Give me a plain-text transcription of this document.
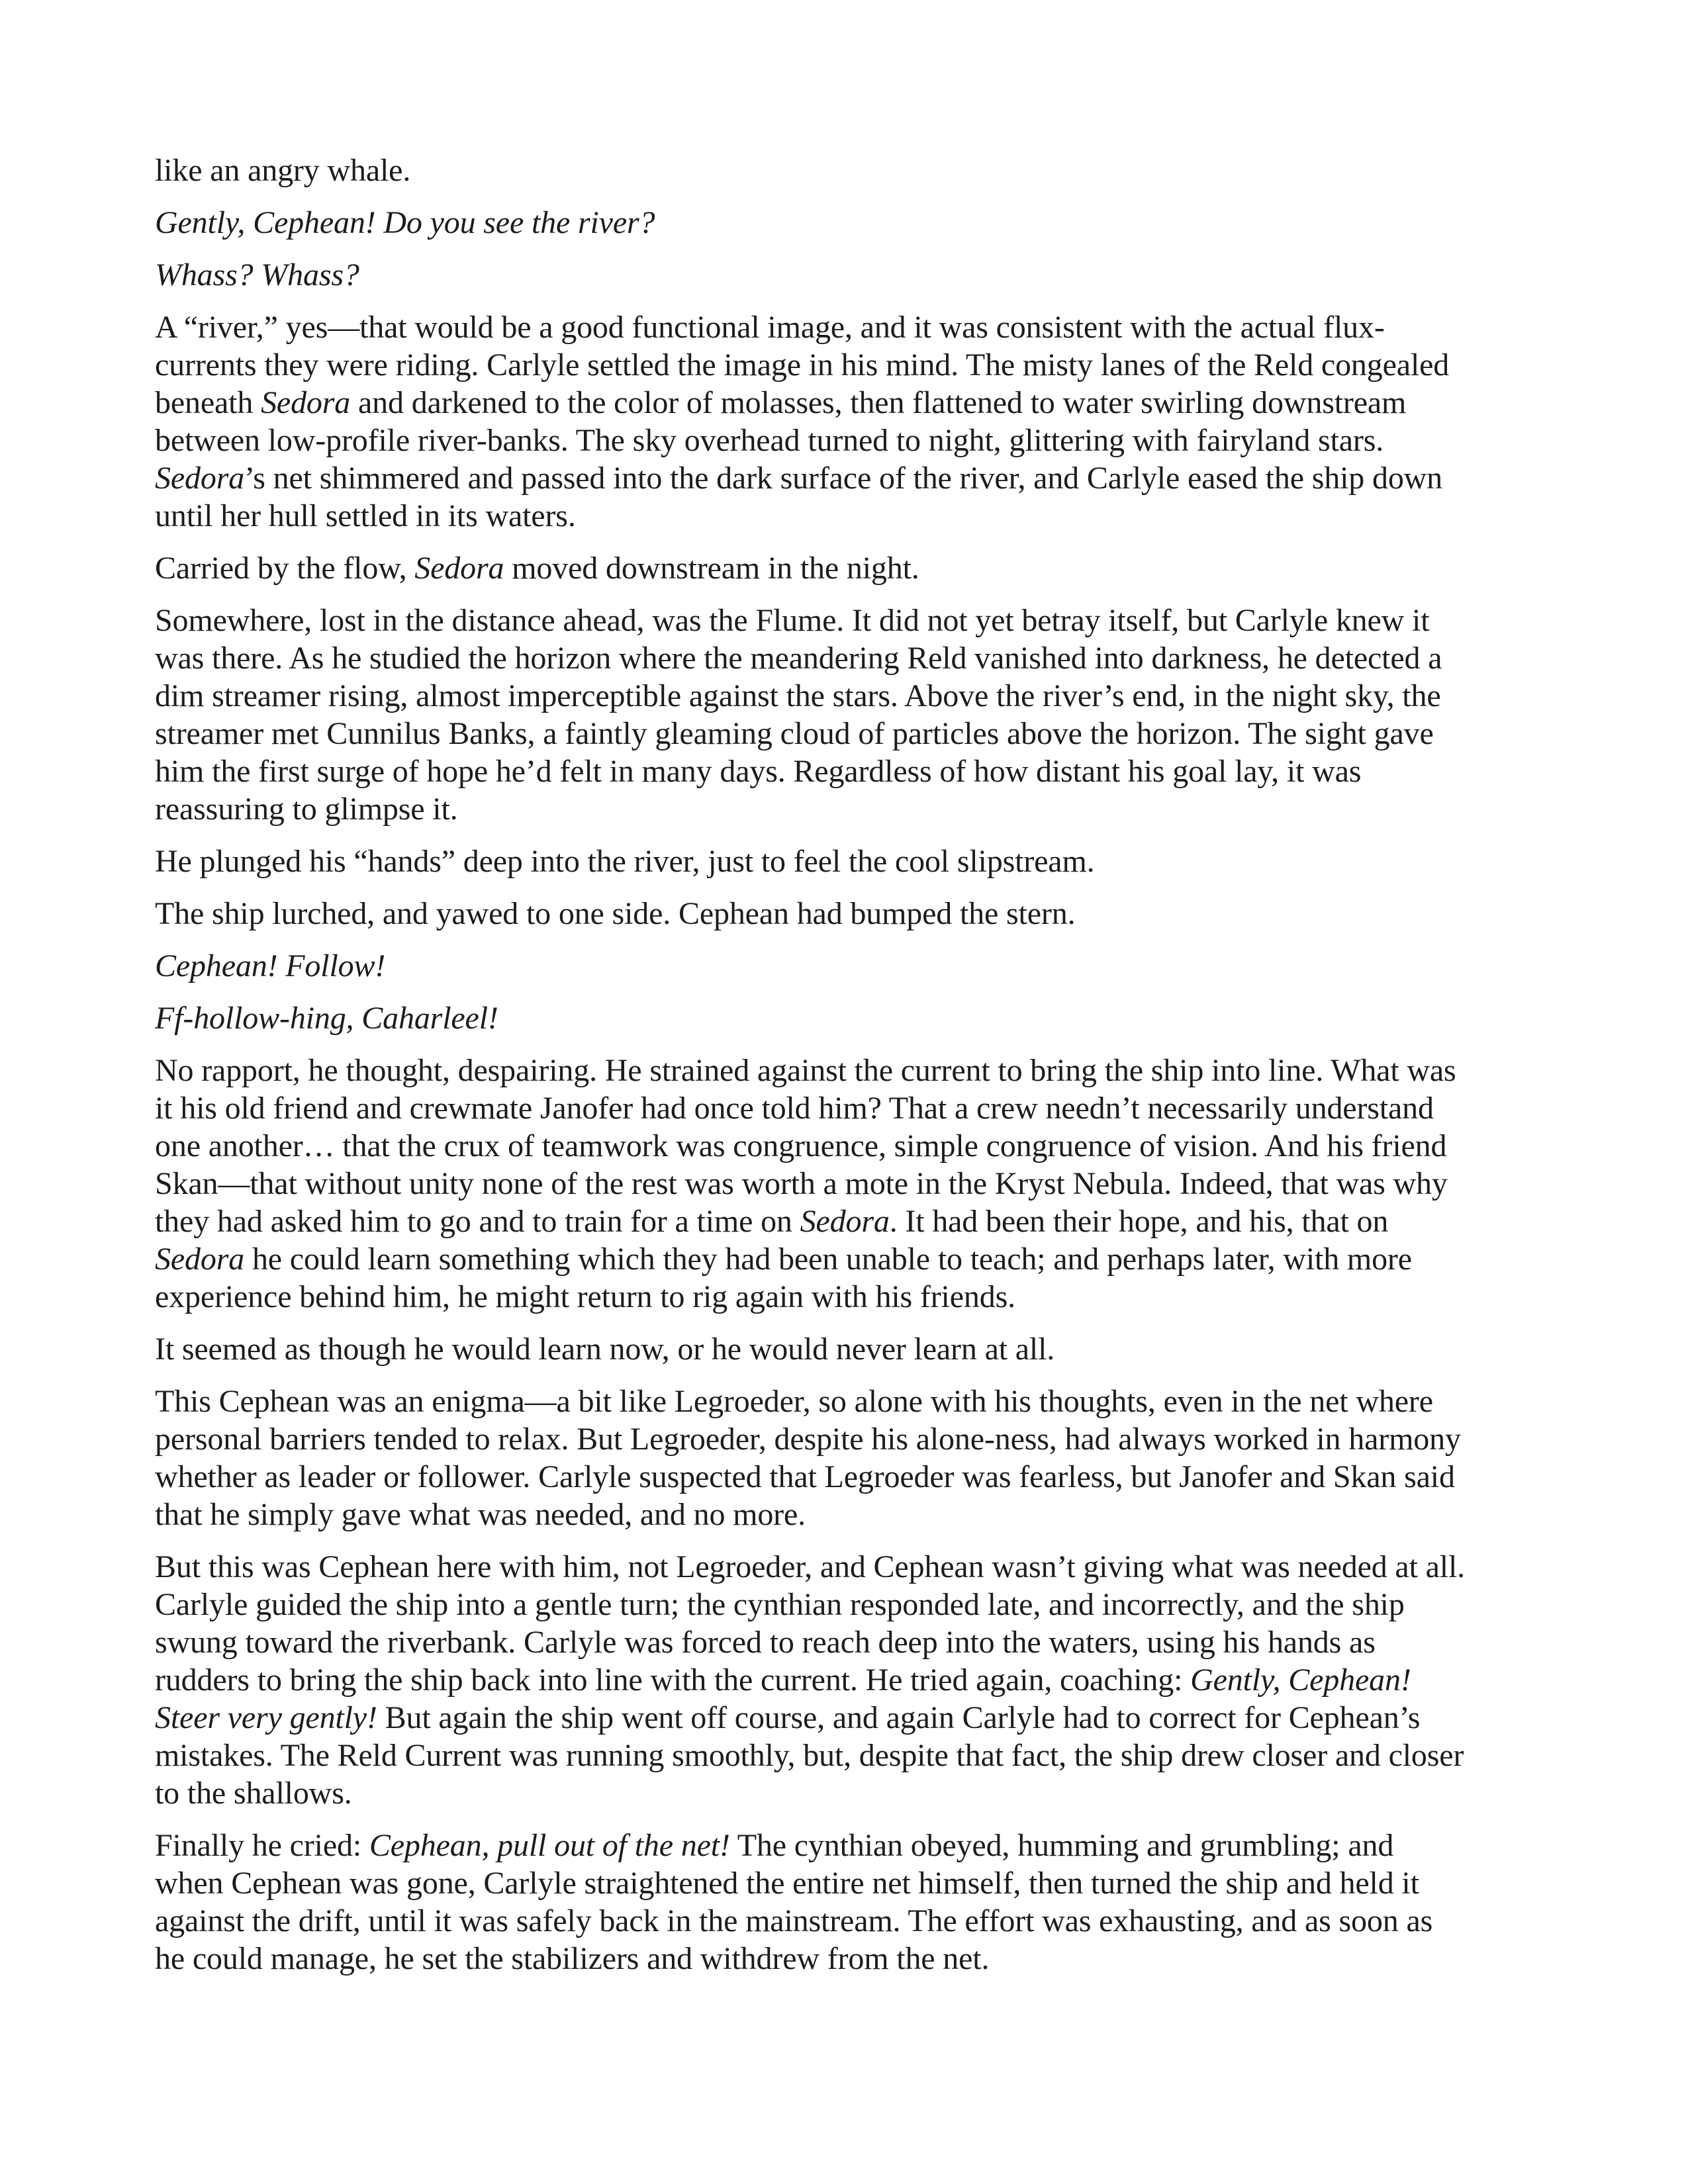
like an angry whale.

Gently, Cephean! Do you see the river?

Whass? Whass?

A “river,” yes—that would be a good functional image, and it was consistent with the actual flux-
currents they were riding. Carlyle settled the image in his mind. The misty lanes of the Reld congealed
beneath Sedora and darkened to the color of molasses, then flattened to water swirling downstream
between low-profile river-banks. The sky overhead turned to night, glittering with fairyland stars.
Sedora’s net shimmered and passed into the dark surface of the river, and Carlyle eased the ship down
until her hull settled in its waters.

Carried by the flow, Sedora moved downstream in the night.

Somewhere, lost in the distance ahead, was the Flume. It did not yet betray itself, but Carlyle knew it
was there. As he studied the horizon where the meandering Reld vanished into darkness, he detected a
dim streamer rising, almost imperceptible against the stars. Above the river’s end, in the night sky, the
streamer met Cunnilus Banks, a faintly gleaming cloud of particles above the horizon. The sight gave
him the first surge of hope he’d felt in many days. Regardless of how distant his goal lay, it was
reassuring to glimpse it.

He plunged his “hands” deep into the river, just to feel the cool slipstream.

The ship lurched, and yawed to one side. Cephean had bumped the stern.

Cephean! Follow!

Ff-hollow-hing, Caharleel!

No rapport, he thought, despairing. He strained against the current to bring the ship into line. What was
it his old friend and crewmate Janofer had once told him? That a crew needn’t necessarily understand
one another… that the crux of teamwork was congruence, simple congruence of vision. And his friend
Skan—that without unity none of the rest was worth a mote in the Kryst Nebula. Indeed, that was why
they had asked him to go and to train for a time on Sedora. It had been their hope, and his, that on
Sedora he could learn something which they had been unable to teach; and perhaps later, with more
experience behind him, he might return to rig again with his friends.

It seemed as though he would learn now, or he would never learn at all.

This Cephean was an enigma—a bit like Legroeder, so alone with his thoughts, even in the net where
personal barriers tended to relax. But Legroeder, despite his alone-ness, had always worked in harmony
whether as leader or follower. Carlyle suspected that Legroeder was fearless, but Janofer and Skan said
that he simply gave what was needed, and no more.

But this was Cephean here with him, not Legroeder, and Cephean wasn’t giving what was needed at all.
Carlyle guided the ship into a gentle turn; the cynthian responded late, and incorrectly, and the ship
swung toward the riverbank. Carlyle was forced to reach deep into the waters, using his hands as
rudders to bring the ship back into line with the current. He tried again, coaching: Gently, Cephean!
Steer very gently! But again the ship went off course, and again Carlyle had to correct for Cephean’s
mistakes. The Reld Current was running smoothly, but, despite that fact, the ship drew closer and closer
to the shallows.

Finally he cried: Cephean, pull out of the net! The cynthian obeyed, humming and grumbling; and
when Cephean was gone, Carlyle straightened the entire net himself, then turned the ship and held it
against the drift, until it was safely back in the mainstream. The effort was exhausting, and as soon as
he could manage, he set the stabilizers and withdrew from the net.
